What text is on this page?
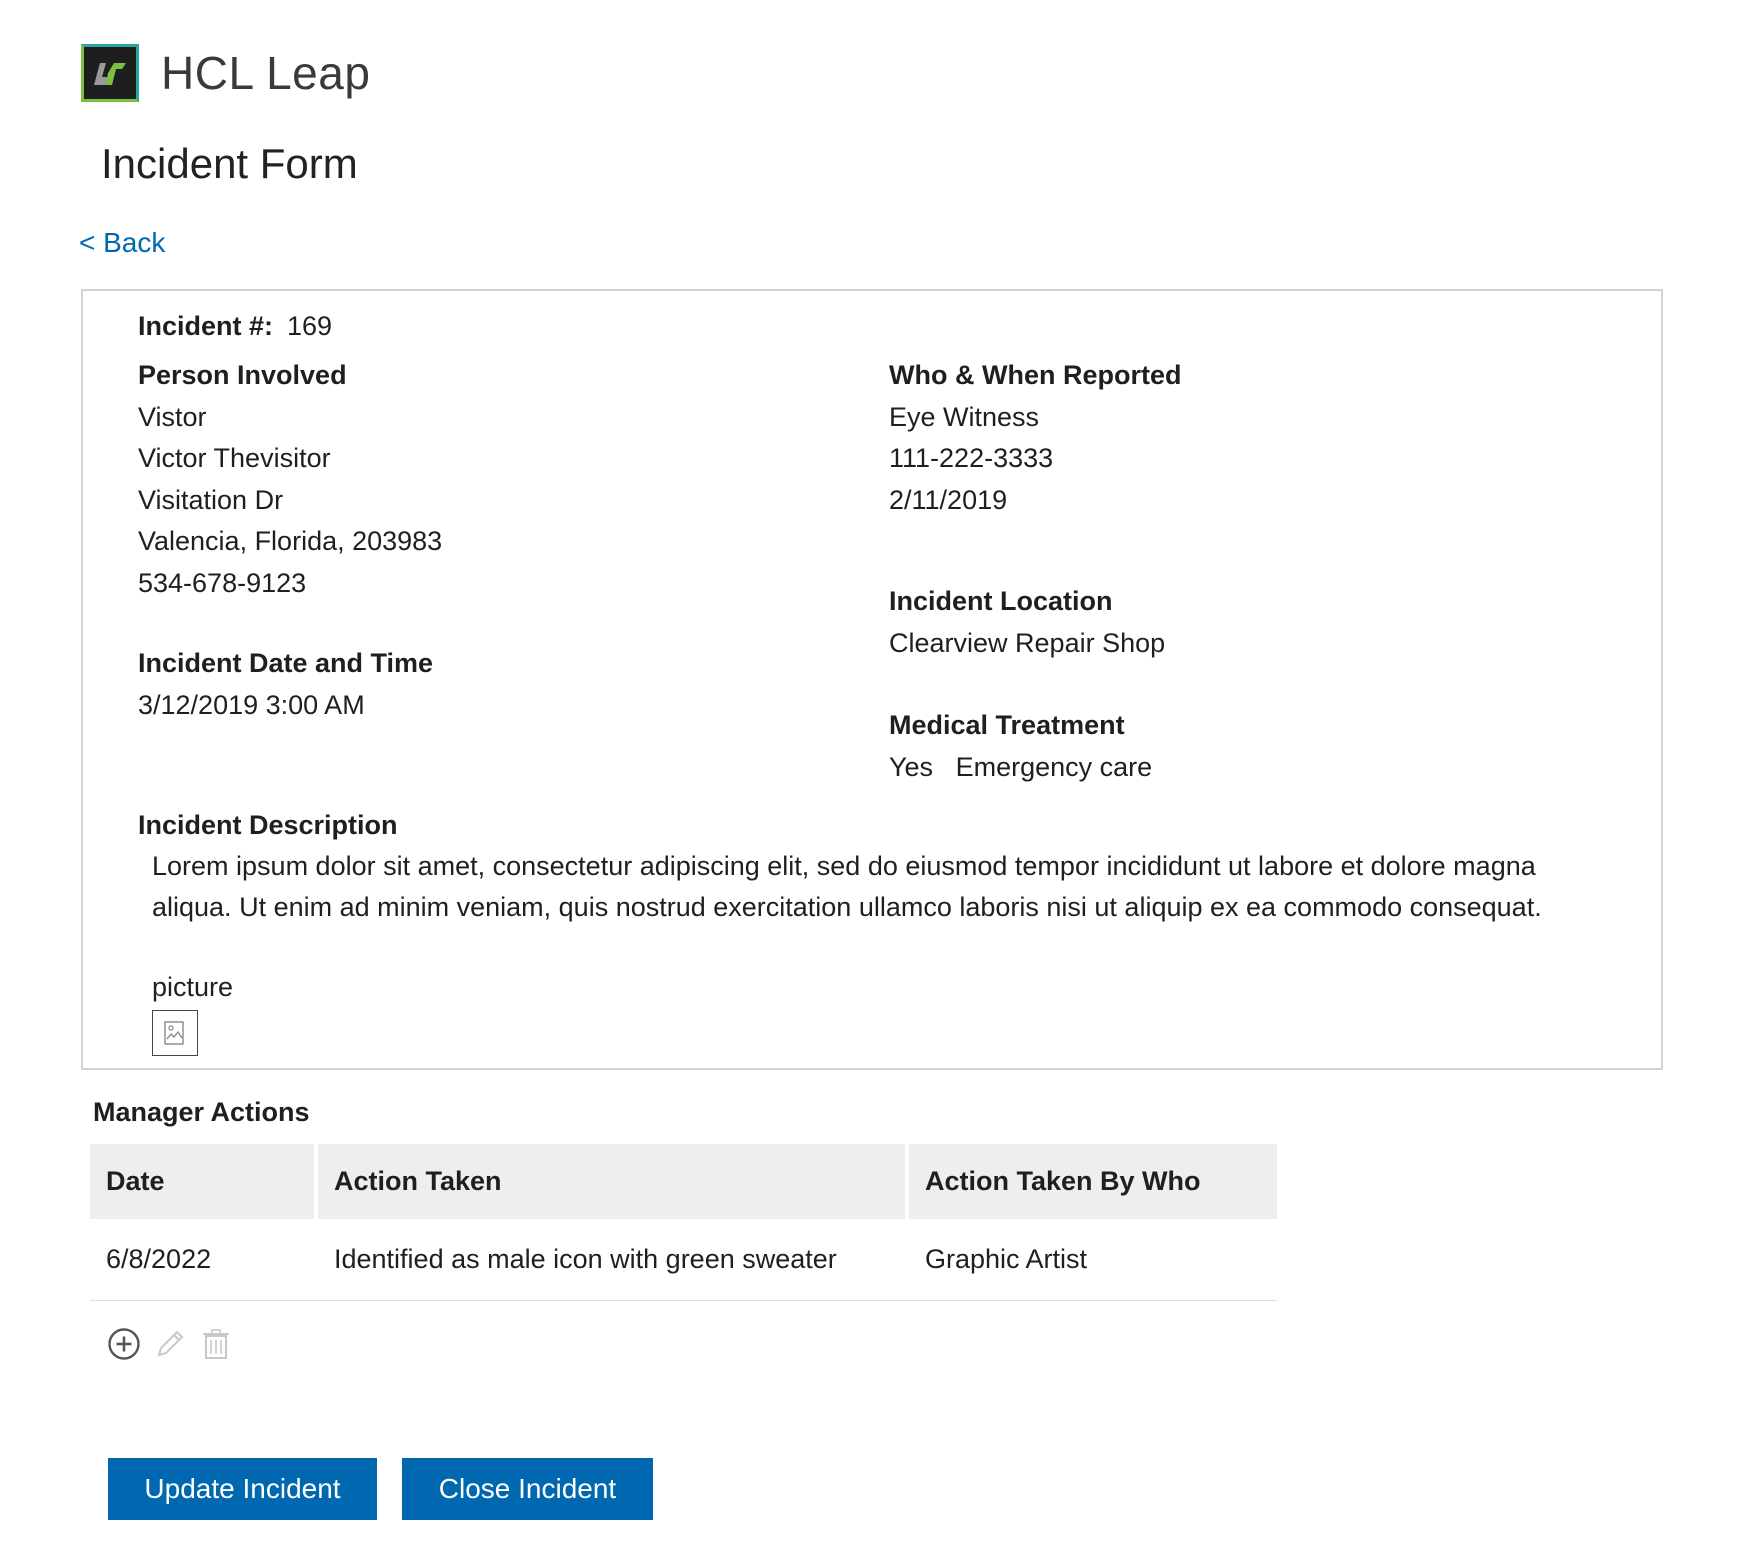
HCL Leap
Incident Form
< Back
Incident #: 169
Person Involved
Vistor
Victor Thevisitor
Visitation Dr
Valencia, Florida, 203983
534-678-9123
Incident Date and Time
3/12/2019 3:00 AM
Who & When Reported
Eye Witness
111-222-3333
2/11/2019
Incident Location
Clearview Repair Shop
Medical Treatment
Yes Emergency care
Incident Description
Lorem ipsum dolor sit amet, consectetur adipiscing elit, sed do eiusmod tempor incididunt ut labore et dolore magna aliqua. Ut enim ad minim veniam, quis nostrud exercitation ullamco laboris nisi ut aliquip ex ea commodo consequat.
picture
Manager Actions
Date	Action Taken	Action Taken By Who
6/8/2022	Identified as male icon with green sweater	Graphic Artist
Update Incident	Close Incident
